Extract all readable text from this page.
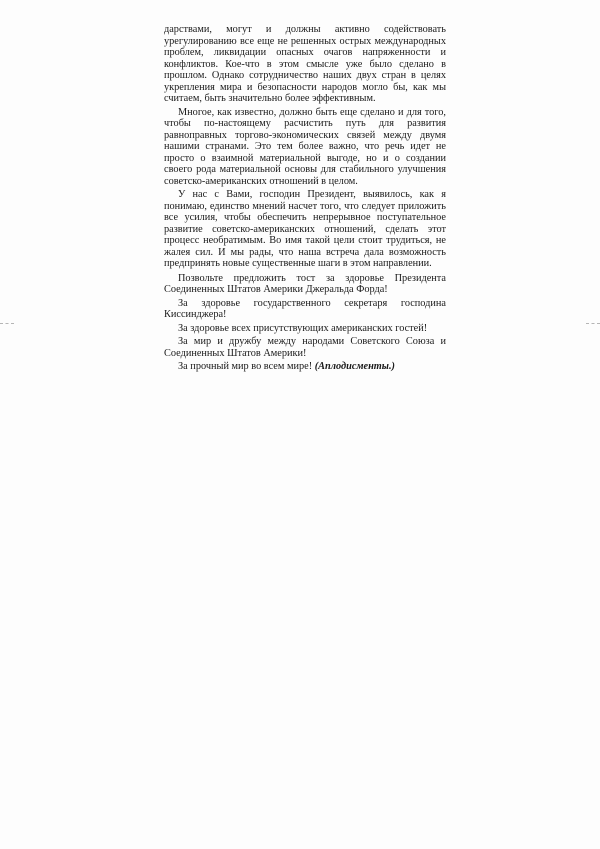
дарствами, могут и должны активно содействовать урегулированию все еще не решенных острых международных проблем, ликвидации опасных очагов напряженности и конфликтов. Кое-что в этом смысле уже было сделано в прошлом. Однако сотрудничество наших двух стран в целях укрепления мира и безопасности народов могло бы, как мы считаем, быть значительно более эффективным.

Многое, как известно, должно быть еще сделано и для того, чтобы по-настоящему расчистить путь для развития равноправных торгово-экономических связей между двумя нашими странами. Это тем более важно, что речь идет не просто о взаимной материальной выгоде, но и о создании своего рода материальной основы для стабильного улучшения советско-американских отношений в целом.

У нас с Вами, господин Президент, выявилось, как я понимаю, единство мнений насчет того, что следует приложить все усилия, чтобы обеспечить непрерывное поступательное развитие советско-американских отношений, сделать этот процесс необратимым. Во имя такой цели стоит трудиться, не жалея сил. И мы рады, что наша встреча дала возможность предпринять новые существенные шаги в этом направлении.

Позвольте предложить тост за здоровье Президента Соединенных Штатов Америки Джеральда Форда!

За здоровье государственного секретаря господина Киссинджера!

За здоровье всех присутствующих американских гостей!

За мир и дружбу между народами Советского Союза и Соединенных Штатов Америки!

За прочный мир во всем мире! (Аплодисменты.)
